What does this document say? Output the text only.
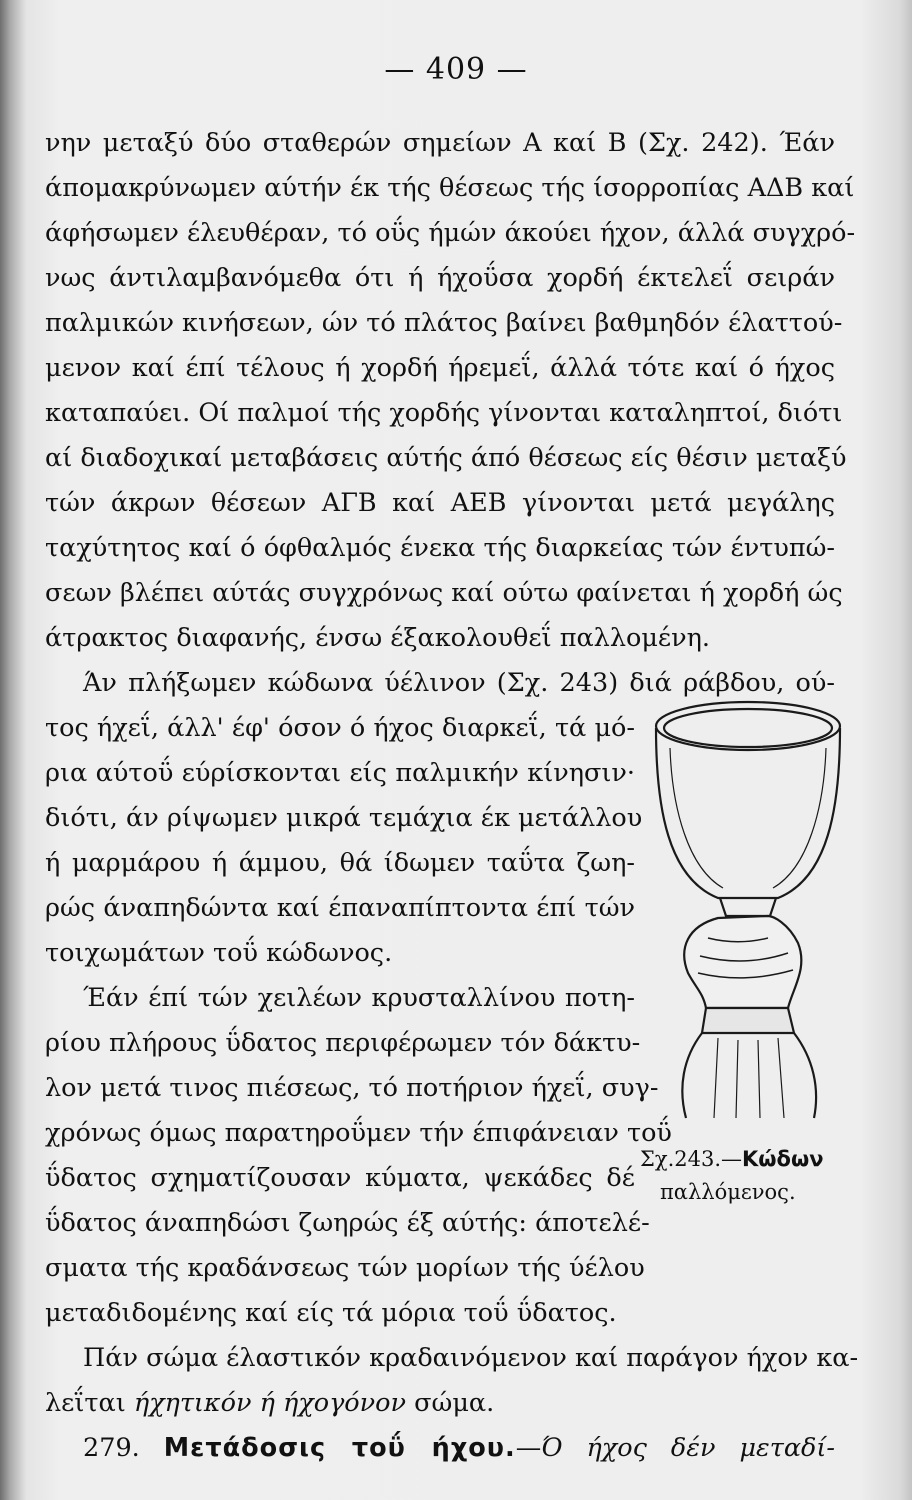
— 409 —

νην μεταξύ δύο σταθερών σημείων Α καί Β (Σχ. 242). Έάν

άπομακρύνωμεν αύτήν έκ τής θέσεως τής ίσορροπίας ΑΔΒ καί

άφήσωμεν έλευθέραν, τό οΰς ήμών άκούει ήχον, άλλά συγχρό-

νως άντιλαμβανόμεθα ότι ή ήχοΰσα χορδή έκτελεΐ σειράν

παλμικών κινήσεων, ών τό πλάτος βαίνει βαθμηδόν έλαττού-

μενον καί έπί τέλους ή χορδή ήρεμεΐ, άλλά τότε καί ό ήχος

καταπαύει. Οί παλμοί τής χορδής γίνονται καταληπτοί, διότι

αί διαδοχικαί μεταβάσεις αύτής άπό θέσεως είς θέσιν μεταξύ

τών άκρων θέσεων ΑΓΒ καί ΑΕΒ γίνονται μετά μεγάλης

ταχύτητος καί ό όφθαλμός ένεκα τής διαρκείας τών έντυπώ-

σεων βλέπει αύτάς συγχρόνως καί ούτω φαίνεται ή χορδή ώς

άτρακτος διαφανής, ένσω έξακολουθεΐ παλλομένη.

Άν πλήξωμεν κώδωνα ύέλινον (Σχ. 243) διά ράβδου, ού-

τος ήχεΐ, άλλ' έφ' όσον ό ήχος διαρκεΐ, τά μό-

ρια αύτοΰ εύρίσκονται είς παλμικήν κίνησιν·

διότι, άν ρίψωμεν μικρά τεμάχια έκ μετάλλου

ή μαρμάρου ή άμμου, θά ίδωμεν ταΰτα ζωη-

ρώς άναπηδώντα καί έπαναπίπτοντα έπί τών

τοιχωμάτων τοΰ κώδωνος.

Έάν έπί τών χειλέων κρυσταλλίνου ποτη-

ρίου πλήρους ΰδατος περιφέρωμεν τόν δάκτυ-

λον μετά τινος πιέσεως, τό ποτήριον ήχεΐ, συγ-

χρόνως όμως παρατηροΰμεν τήν έπιφάνειαν τοΰ

ΰδατος σχηματίζουσαν κύματα, ψεκάδες δέ

ΰδατος άναπηδώσι ζωηρώς έξ αύτής: άποτελέ-

σματα τής κραδάνσεως τών μορίων τής ύέλου

μεταδιδομένης καί είς τά μόρια τοΰ ΰδατος.

Πάν σώμα έλαστικόν κραδαινόμενον καί παράγον ήχον κα-

λεΐται ήχητικόν ή ήχογόνον σώμα.

279. Μετάδοσις τοΰ ήχου.—Ό ήχος δέν μεταδί-

Σχ.243.—Κώδων
παλλόμενος.
